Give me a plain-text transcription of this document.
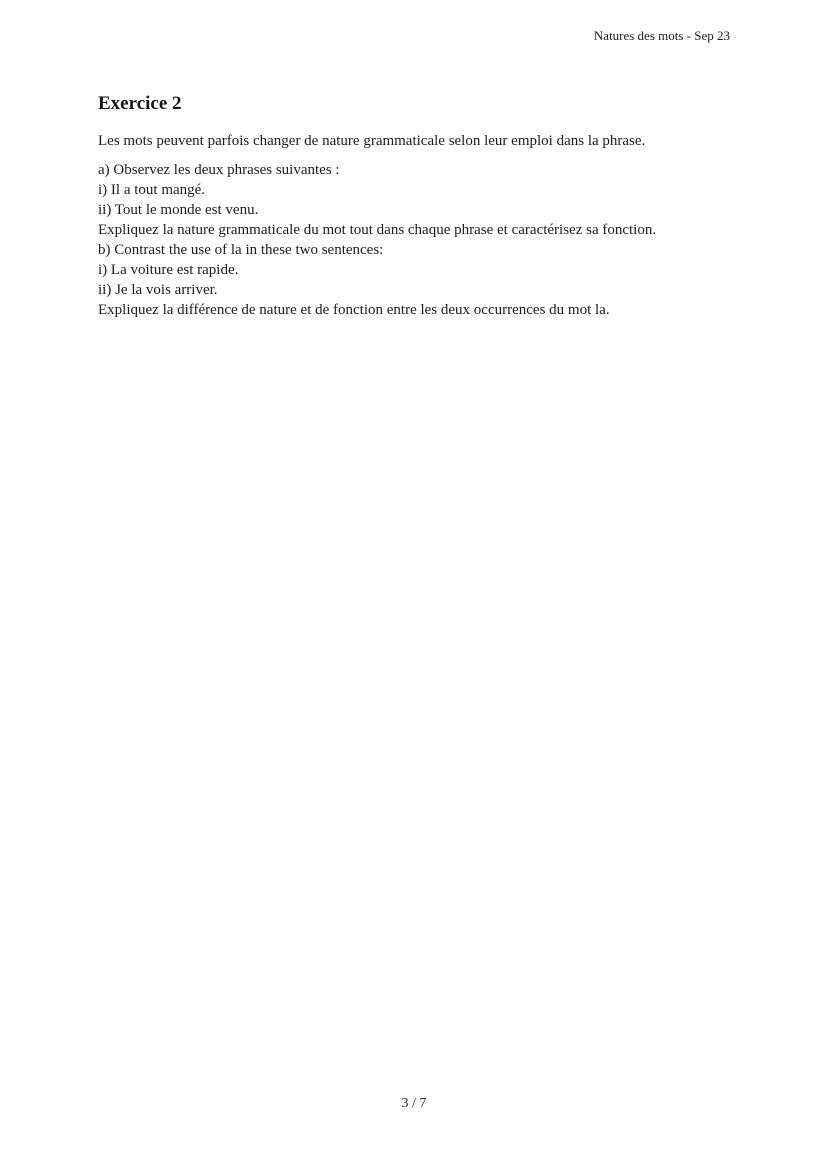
Natures des mots - Sep 23
Exercice 2
Les mots peuvent parfois changer de nature grammaticale selon leur emploi dans la phrase.
a) Observez les deux phrases suivantes :
i) Il a tout mangé.
ii) Tout le monde est venu.
Expliquez la nature grammaticale du mot tout dans chaque phrase et caractérisez sa fonction.
b) Contrast the use of la in these two sentences:
i) La voiture est rapide.
ii) Je la vois arriver.
Expliquez la différence de nature et de fonction entre les deux occurrences du mot la.
3 / 7
